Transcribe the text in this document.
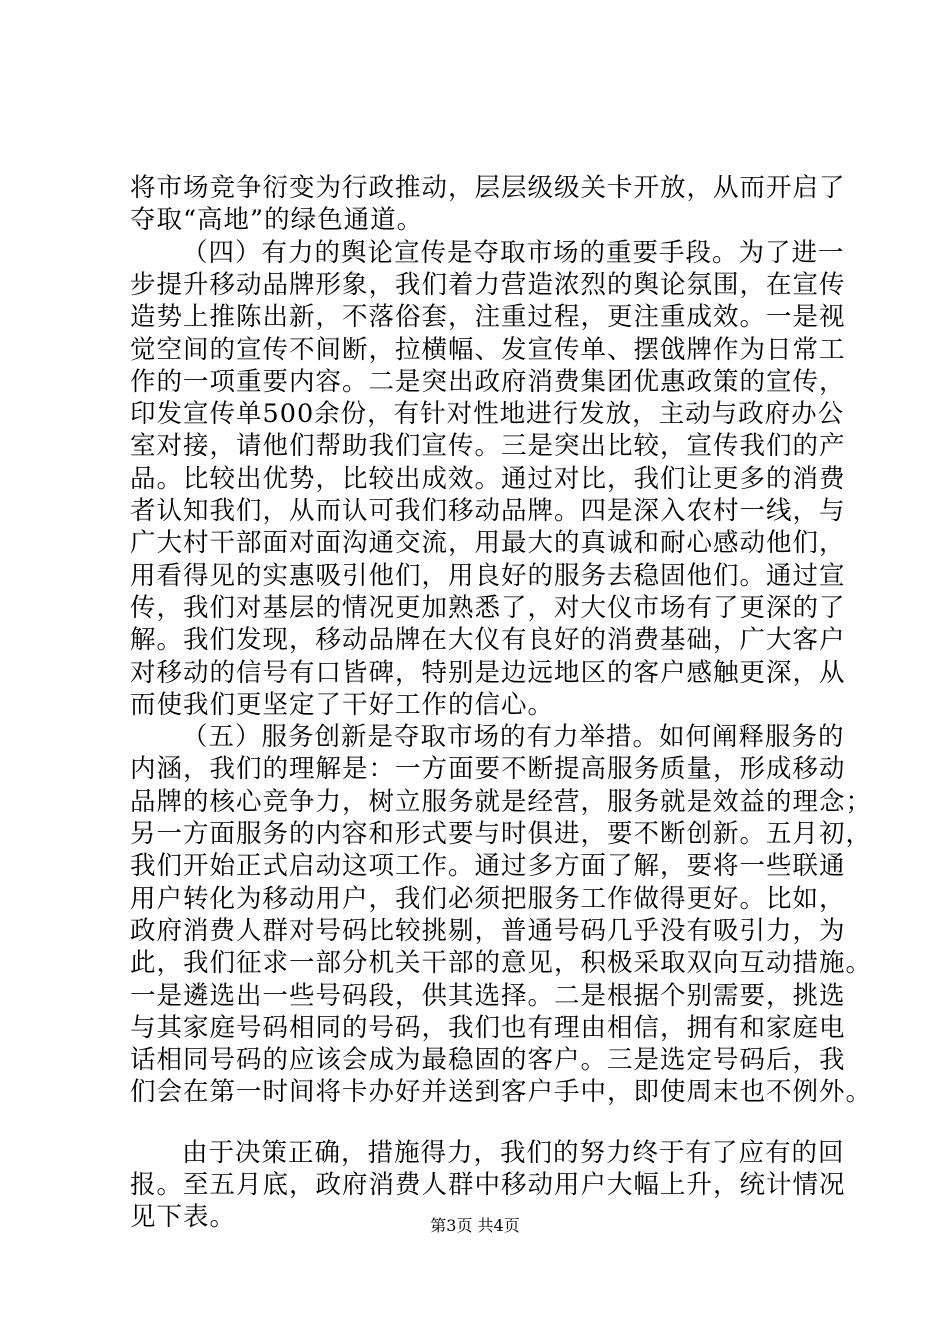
将市场竞争衍变为行政推动，层层级级关卡开放，从而开启了
夺取“高地”的绿色通道。
（四）有力的舆论宣传是夺取市场的重要手段。为了进一
步提升移动品牌形象，我们着力营造浓烈的舆论氛围，在宣传
造势上推陈出新，不落俗套，注重过程，更注重成效。一是视
觉空间的宣传不间断，拉横幅、发宣传单、摆戗牌作为日常工
作的一项重要内容。二是突出政府消费集团优惠政策的宣传，
印发宣传单500余份，有针对性地进行发放，主动与政府办公
室对接，请他们帮助我们宣传。三是突出比较，宣传我们的产
品。比较出优势，比较出成效。通过对比，我们让更多的消费
者认知我们，从而认可我们移动品牌。四是深入农村一线，与
广大村干部面对面沟通交流，用最大的真诚和耐心感动他们，
用看得见的实惠吸引他们，用良好的服务去稳固他们。通过宣
传，我们对基层的情况更加熟悉了，对大仪市场有了更深的了
解。我们发现，移动品牌在大仪有良好的消费基础，广大客户
对移动的信号有口皆碑，特别是边远地区的客户感触更深，从
而使我们更坚定了干好工作的信心。
（五）服务创新是夺取市场的有力举措。如何阐释服务的
内涵，我们的理解是：一方面要不断提高服务质量，形成移动
品牌的核心竞争力，树立服务就是经营，服务就是效益的理念；
另一方面服务的内容和形式要与时俱进，要不断创新。五月初，
我们开始正式启动这项工作。通过多方面了解，要将一些联通
用户转化为移动用户，我们必须把服务工作做得更好。比如，
政府消费人群对号码比较挑剔，普通号码几乎没有吸引力，为
此，我们征求一部分机关干部的意见，积极采取双向互动措施。
一是遴选出一些号码段，供其选择。二是根据个别需要，挑选
与其家庭号码相同的号码，我们也有理由相信，拥有和家庭电
话相同号码的应该会成为最稳固的客户。三是选定号码后，我
们会在第一时间将卡办好并送到客户手中，即使周末也不例外。
由于决策正确，措施得力，我们的努力终于有了应有的回
报。至五月底，政府消费人群中移动用户大幅上升，统计情况
见下表。	第3页 共4页
